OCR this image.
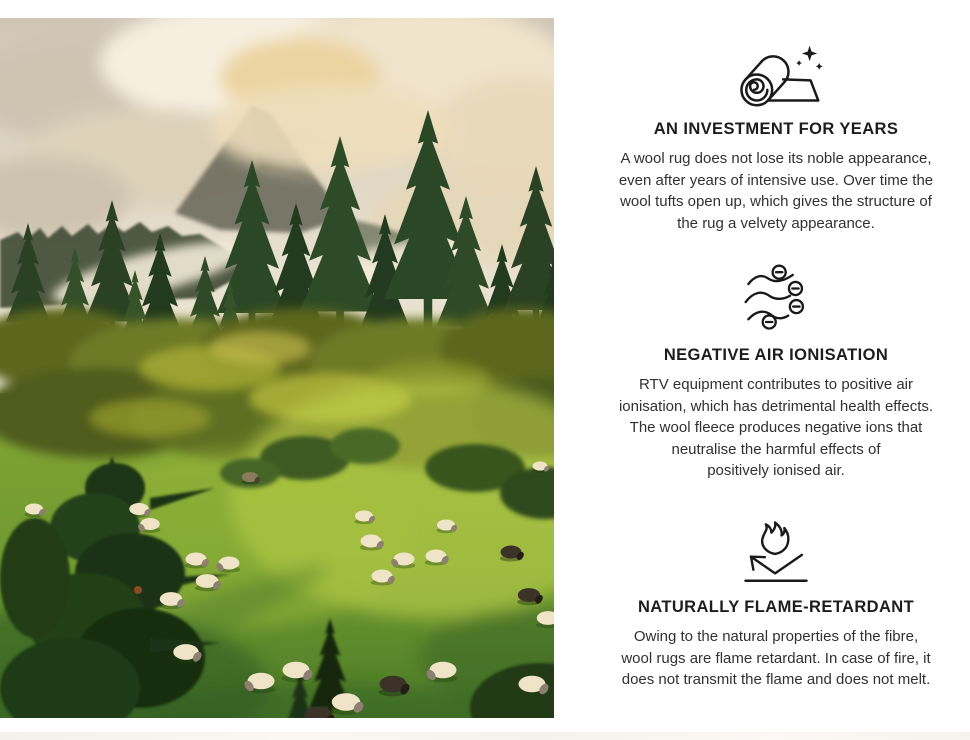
AN INVESTMENT FOR YEARS
A wool rug does not lose its noble appearance,
even after years of intensive use. Over time the
wool tufts open up, which gives the structure of
the rug a velvety appearance.
NEGATIVE AIR IONISATION
RTV equipment contributes to positive air
ionisation, which has detrimental health effects.
The wool fleece produces negative ions that
neutralise the harmful effects of
positively ionised air.
NATURALLY FLAME-RETARDANT
Owing to the natural properties of the fibre,
wool rugs are flame retardant. In case of fire, it
does not transmit the flame and does not melt.
